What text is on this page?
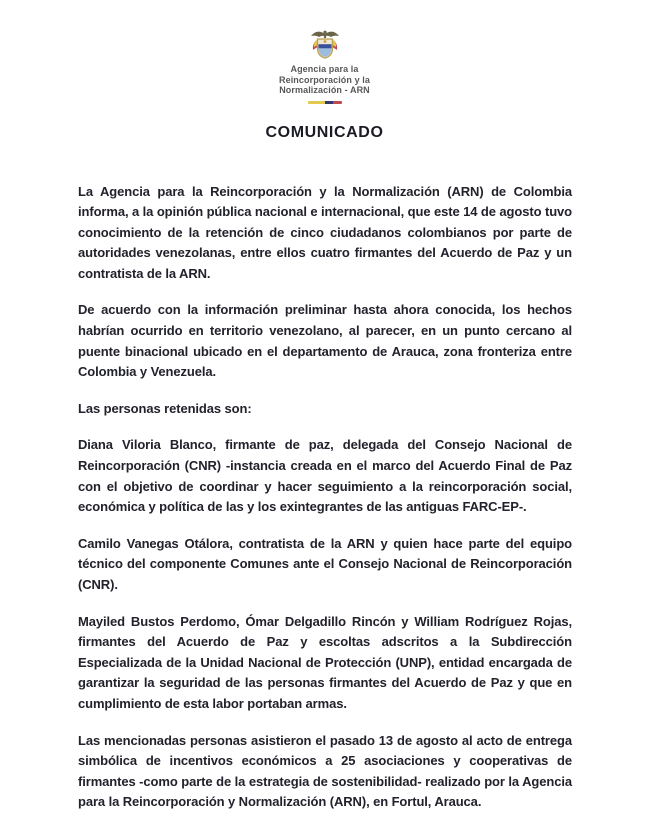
Agencia para la
Reincorporación y la
Normalización - ARN
COMUNICADO

La Agencia para la Reincorporación y la Normalización (ARN) de Colombia informa, a la opinión pública nacional e internacional, que este 14 de agosto tuvo conocimiento de la retención de cinco ciudadanos colombianos por parte de autoridades venezolanas, entre ellos cuatro firmantes del Acuerdo de Paz y un contratista de la ARN.

De acuerdo con la información preliminar hasta ahora conocida, los hechos habrían ocurrido en territorio venezolano, al parecer, en un punto cercano al puente binacional ubicado en el departamento de Arauca, zona fronteriza entre Colombia y Venezuela.

Las personas retenidas son:

Diana Viloria Blanco, firmante de paz, delegada del Consejo Nacional de Reincorporación (CNR) -instancia creada en el marco del Acuerdo Final de Paz con el objetivo de coordinar y hacer seguimiento a la reincorporación social, económica y política de las y los exintegrantes de las antiguas FARC-EP-.

Camilo Vanegas Otálora, contratista de la ARN y quien hace parte del equipo técnico del componente Comunes ante el Consejo Nacional de Reincorporación (CNR).

Mayiled Bustos Perdomo, Ómar Delgadillo Rincón y William Rodríguez Rojas, firmantes del Acuerdo de Paz y escoltas adscritos a la Subdirección Especializada de la Unidad Nacional de Protección (UNP), entidad encargada de garantizar la seguridad de las personas firmantes del Acuerdo de Paz y que en cumplimiento de esta labor portaban armas.

Las mencionadas personas asistieron el pasado 13 de agosto al acto de entrega simbólica de incentivos económicos a 25 asociaciones y cooperativas de firmantes -como parte de la estrategia de sostenibilidad- realizado por la Agencia para la Reincorporación y Normalización (ARN), en Fortul, Arauca.
